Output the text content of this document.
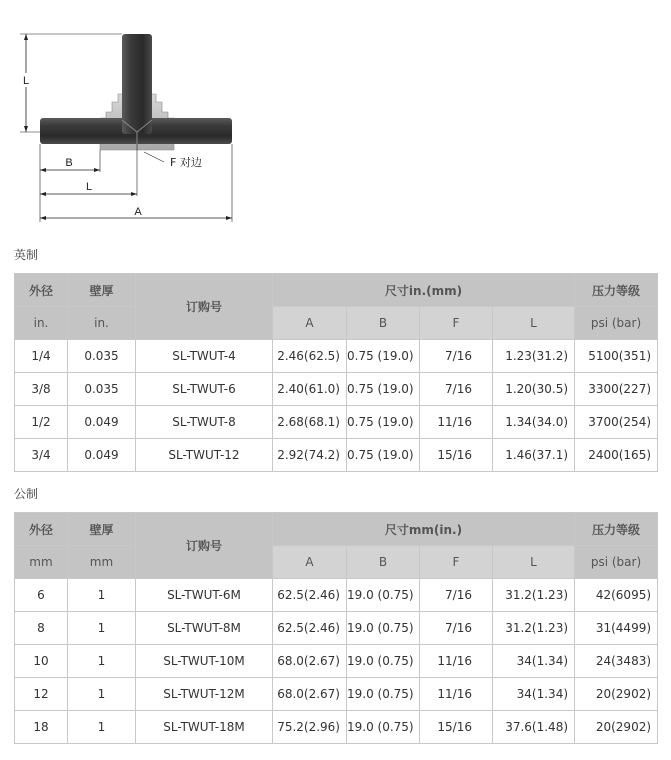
L
B	F 对边
L
A
英制
外径	壁厚	订购号	尺寸in.(mm)				压力等级
in.	in.		A	B	F	L	psi (bar)
1/4	0.035	SL-TWUT-4	2.46(62.5)	0.75 (19.0)	7/16	1.23(31.2)	5100(351)
3/8	0.035	SL-TWUT-6	2.40(61.0)	0.75 (19.0)	7/16	1.20(30.5)	3300(227)
1/2	0.049	SL-TWUT-8	2.68(68.1)	0.75 (19.0)	11/16	1.34(34.0)	3700(254)
3/4	0.049	SL-TWUT-12	2.92(74.2)	0.75 (19.0)	15/16	1.46(37.1)	2400(165)
公制
外径	壁厚	订购号	尺寸mm(in.)				压力等级
mm	mm		A	B	F	L	psi (bar)
6	1	SL-TWUT-6M	62.5(2.46)	19.0 (0.75)	7/16	31.2(1.23)	42(6095)
8	1	SL-TWUT-8M	62.5(2.46)	19.0 (0.75)	7/16	31.2(1.23)	31(4499)
10	1	SL-TWUT-10M	68.0(2.67)	19.0 (0.75)	11/16	34(1.34)	24(3483)
12	1	SL-TWUT-12M	68.0(2.67)	19.0 (0.75)	11/16	34(1.34)	20(2902)
18	1	SL-TWUT-18M	75.2(2.96)	19.0 (0.75)	15/16	37.6(1.48)	20(2902)
